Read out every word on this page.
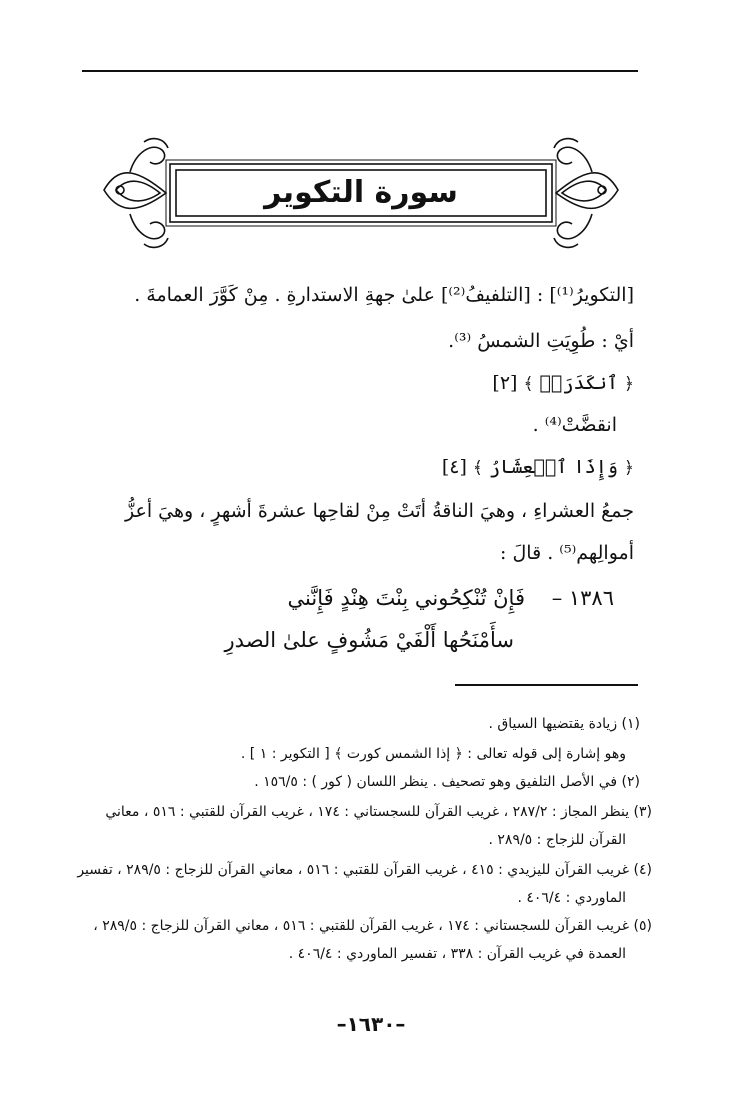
سورة التكوير
[التكويرُ⁽¹⁾] : [التلفيفُ⁽²⁾] علىٰ جهةِ الاستدارةِ . مِنْ كَوَّرَ العمامةَ .
أيْ : طُوِيَتِ الشمسُ ⁽³⁾.
﴿ ٱنكَدَرَتۡ ﴾ [٢]
انقضَّتْ⁽⁴⁾ .
﴿ وَإِذَا ٱلۡعِشَارُ ﴾ [٤]
جمعُ العشراءِ ، وهيَ الناقةُ أتَتْ مِنْ لقاحِها عشرةَ أشهرٍ ، وهيَ أعزُّ
أموالِهم⁽⁵⁾ . قالَ :
١٣٨٦ –    فَإِنْ تُنْكِحُوني بِنْتَ هِنْدٍ فَإِنَّني
سأَمْنَحُها أَلْفَيْ مَشُوفٍ علىٰ الصدرِ
(١) زيادة يقتضيها السياق .
وهو إشارة إلى قوله تعالى : ﴿ إذا الشمس كورت ﴾ [ التكوير : ١ ] .
(٢) في الأصل التلفيق وهو تصحيف . ينظر اللسان ( كور ) : ١٥٦/٥ .
(٣) ينظر المجاز : ٢٨٧/٢ ، غريب القرآن للسجستاني : ١٧٤ ، غريب القرآن للقتبي : ٥١٦ ، معاني
القرآن للزجاج : ٢٨٩/٥ .
(٤) غريب القرآن لليزيدي : ٤١٥ ، غريب القرآن للقتبي : ٥١٦ ، معاني القرآن للزجاج : ٢٨٩/٥ ، تفسير
الماوردي : ٤٠٦/٤ .
(٥) غريب القرآن للسجستاني : ١٧٤ ، غريب القرآن للقتبي : ٥١٦ ، معاني القرآن للزجاج : ٢٨٩/٥ ،
العمدة في غريب القرآن : ٣٣٨ ، تفسير الماوردي : ٤٠٦/٤ .
–١٦٣٠–
